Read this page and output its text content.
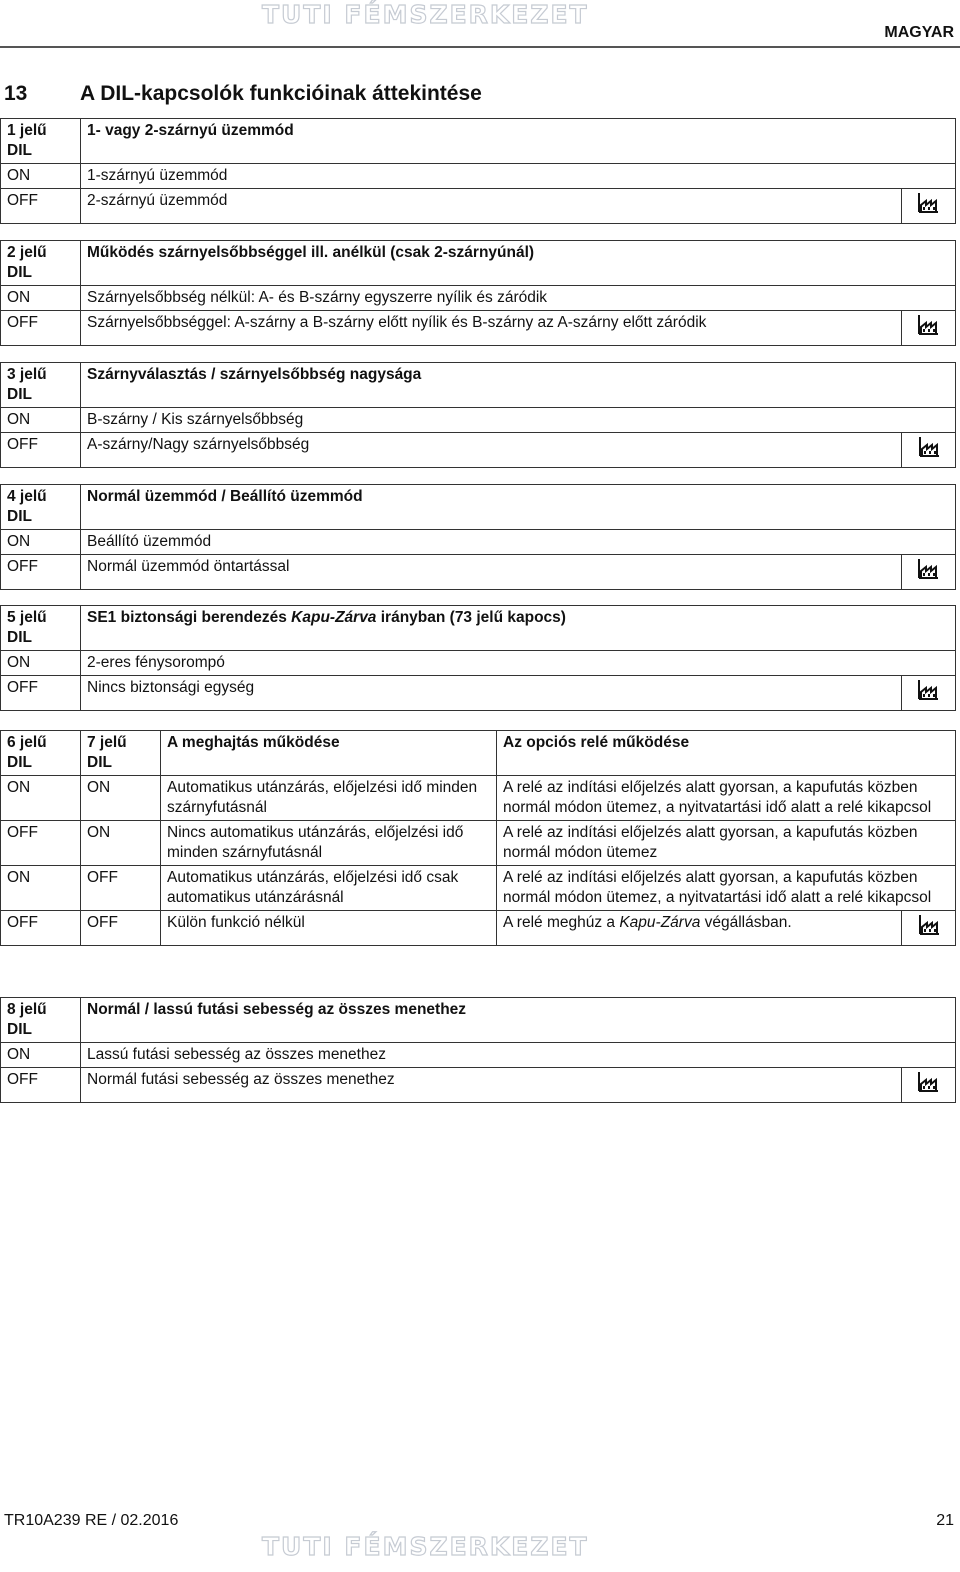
TUTI FÉMSZERKEZET
MAGYAR
13	A DIL-kapcsolók funkcióinak áttekintése
1 jelű DIL	1- vagy 2-szárnyú üzemmód	
ON	1-szárnyú üzemmód	
OFF	2-szárnyú üzemmód	
2 jelű DIL	Működés szárnyelsőbbséggel ill. anélkül (csak 2-szárnyúnál)	
ON	Szárnyelsőbbség nélkül: A- és B-szárny egyszerre nyílik és záródik	
OFF	Szárnyelsőbbséggel: A-szárny a B-szárny előtt nyílik és B-szárny az A-szárny előtt záródik	
3 jelű DIL	Szárnyválasztás / szárnyelsőbbség nagysága	
ON	B-szárny / Kis szárnyelsőbbség	
OFF	A-szárny/Nagy szárnyelsőbbség	
4 jelű DIL	Normál üzemmód / Beállító üzemmód	
ON	Beállító üzemmód	
OFF	Normál üzemmód öntartással	
5 jelű DIL	SE1 biztonsági berendezés Kapu-Zárva irányban (73 jelű kapocs)	
ON	2-eres fénysorompó	
OFF	Nincs biztonsági egység	
6 jelű DIL	7 jelű DIL	A meghajtás működése	Az opciós relé működése	
ON	ON	Automatikus utánzárás, előjelzési idő minden szárnyfutásnál	A relé az indítási előjelzés alatt gyorsan, a kapufutás közben normál módon ütemez, a nyitvatartási idő alatt a relé kikapcsol	
OFF	ON	Nincs automatikus utánzárás, előjelzési idő minden szárnyfutásnál	A relé az indítási előjelzés alatt gyorsan, a kapufutás közben normál módon ütemez	
ON	OFF	Automatikus utánzárás, előjelzési idő csak automatikus utánzárásnál	A relé az indítási előjelzés alatt gyorsan, a kapufutás közben normál módon ütemez, a nyitvatartási idő alatt a relé kikapcsol	
OFF	OFF	Külön funkció nélkül	A relé meghúz a Kapu-Zárva végállásban.	
8 jelű DIL	Normál / lassú futási sebesség az összes menethez	
ON	Lassú futási sebesség az összes menethez	
OFF	Normál futási sebesség az összes menethez	
TR10A239 RE / 02.2016	21
TUTI FÉMSZERKEZET
